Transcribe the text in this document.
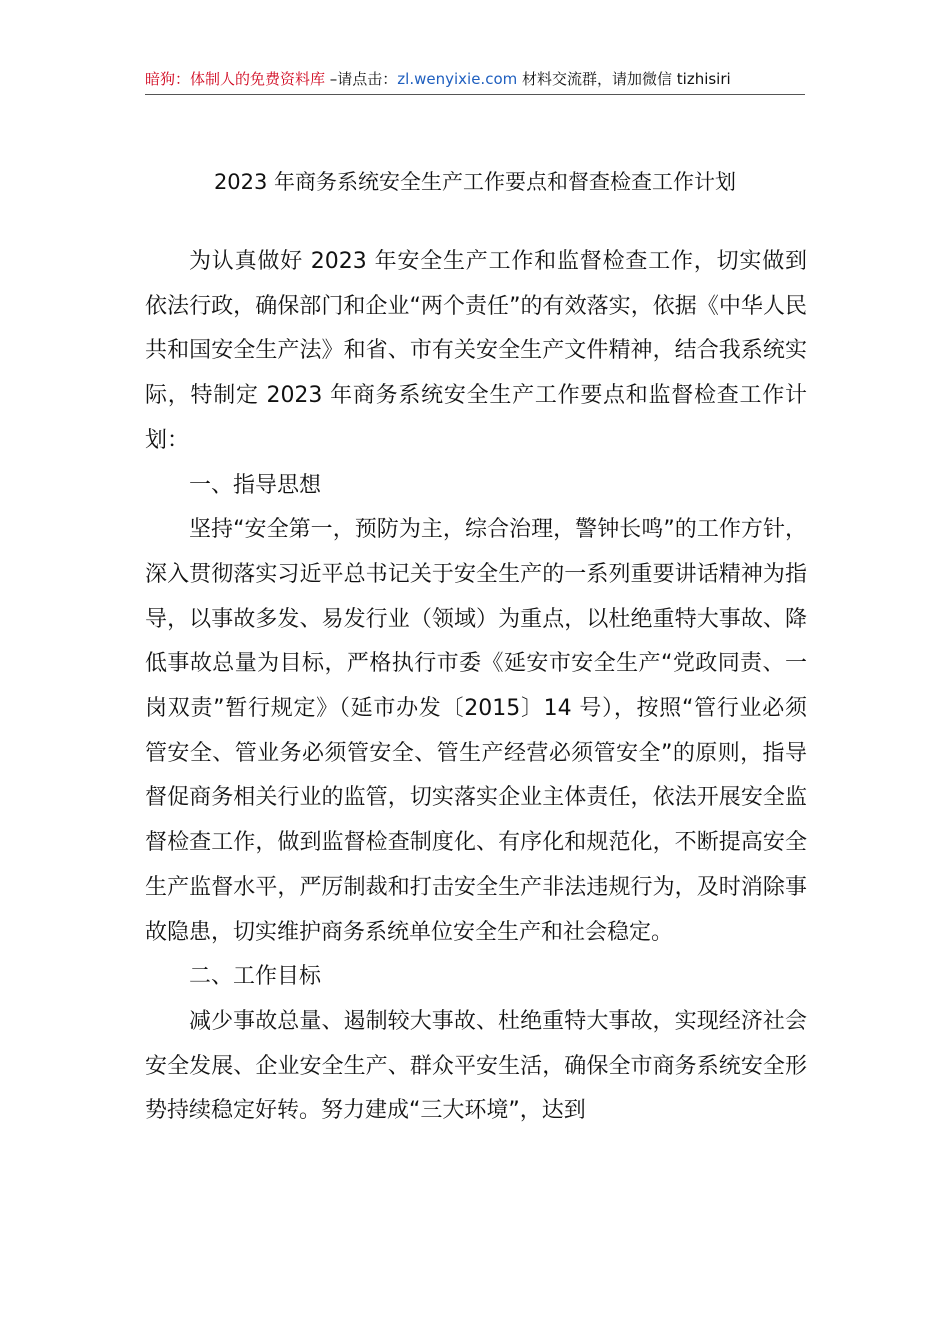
暗狗：体制人的免费资料库 –请点击：zl.wenyixie.com 材料交流群，请加微信 tizhisiri
2023 年商务系统安全生产工作要点和督查检查工作计划

为认真做好 2023 年安全生产工作和监督检查工作，切实做到依法行政，确保部门和企业“两个责任”的有效落实，依据《中华人民共和国安全生产法》和省、市有关安全生产文件精神，结合我系统实际，特制定 2023 年商务系统安全生产工作要点和监督检查工作计划：

一、指导思想

坚持“安全第一，预防为主，综合治理，警钟长鸣”的工作方针，深入贯彻落实习近平总书记关于安全生产的一系列重要讲话精神为指导，以事故多发、易发行业（领域）为重点，以杜绝重特大事故、降低事故总量为目标，严格执行市委《延安市安全生产“党政同责、一岗双责”暂行规定》（延市办发〔2015〕14 号），按照“管行业必须管安全、管业务必须管安全、管生产经营必须管安全”的原则，指导督促商务相关行业的监管，切实落实企业主体责任，依法开展安全监督检查工作，做到监督检查制度化、有序化和规范化，不断提高安全生产监督水平，严厉制裁和打击安全生产非法违规行为，及时消除事故隐患，切实维护商务系统单位安全生产和社会稳定。

二、工作目标

减少事故总量、遏制较大事故、杜绝重特大事故，实现经济社会安全发展、企业安全生产、群众平安生活，确保全市商务系统安全形势持续稳定好转。努力建成“三大环境”，达到
